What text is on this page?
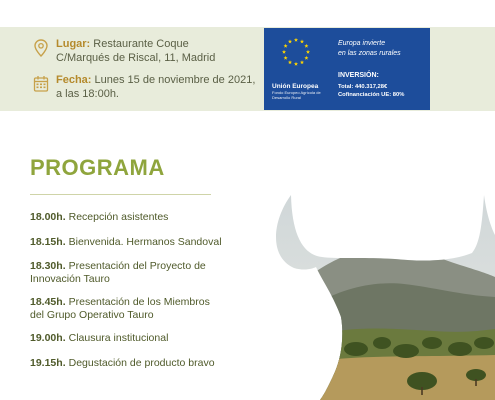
Lugar: Restaurante Coque
C/Marqués de Riscal, 11, Madrid
Fecha: Lunes 15 de noviembre de 2021,
a las 18:00h.
Unión Europea
Fondo Europeo Agrícola de Desarrollo Rural
Europa invierte
en las zonas rurales
INVERSIÓN:
Total: 440.317,28€
Cofinanciación UE: 80%
PROGRAMA
18.00h. Recepción asistentes
18.15h. Bienvenida. Hermanos Sandoval
18.30h. Presentación del Proyecto de
Innovación Tauro
18.45h. Presentación de los Miembros
del Grupo Operativo Tauro
19.00h. Clausura institucional
19.15h. Degustación de producto bravo
